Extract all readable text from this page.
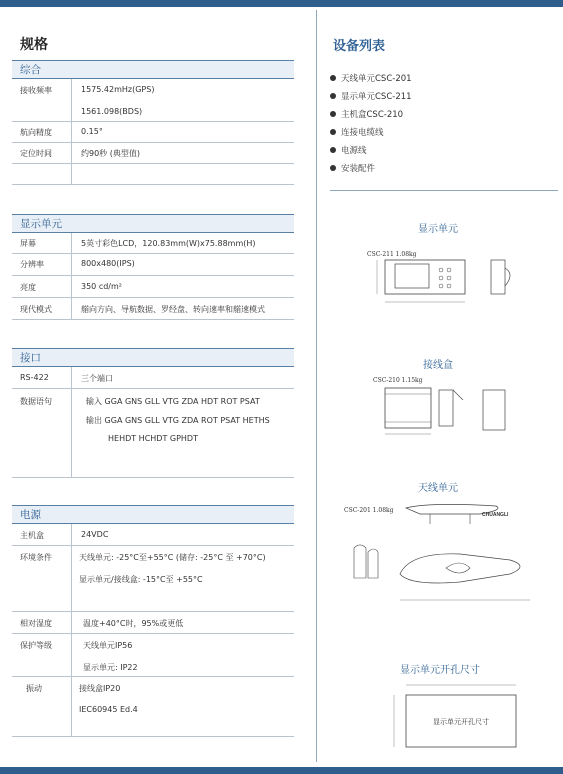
规格
综合
接收频率	1575.42mHz(GPS)
1561.098(BDS)
航向精度	0.15°
定位时间	约90秒 (典型值)
显示单元
屏幕	5英寸彩色LCD，120.83mm(W)x75.88mm(H)
分辨率	800x480(IPS)
亮度	350 cd/m²
现代模式	艏向方向、导航数据、罗经盘、转向速率和艏速模式
接口
RS-422	三个端口
数据语句	输入 GGA GNS GLL VTG ZDA HDT ROT PSAT
输出 GGA GNS GLL VTG ZDA ROT PSAT HETHS
HEHDT HCHDT GPHDT
电源
主机盒	24VDC
环境条件	天线单元: -25°C至+55°C (储存: -25°C 至 +70°C)
显示单元/接线盒: -15°C至 +55°C
相对湿度	温度+40°C时，95%或更低
保护等级	天线单元IP56
显示单元: IP22
振动	接线盒IP20
IEC60945 Ed.4
设备列表
天线单元CSC-201
显示单元CSC-211
主机盒CSC-210
连接电缆线
电源线
安装配件
显示单元
CSC-211 1.08kg
接线盒
CSC-210 1.15kg
天线单元
CSC-201 1.08kg
CHUANGLI
显示单元开孔尺寸
显示单元开孔尺寸
